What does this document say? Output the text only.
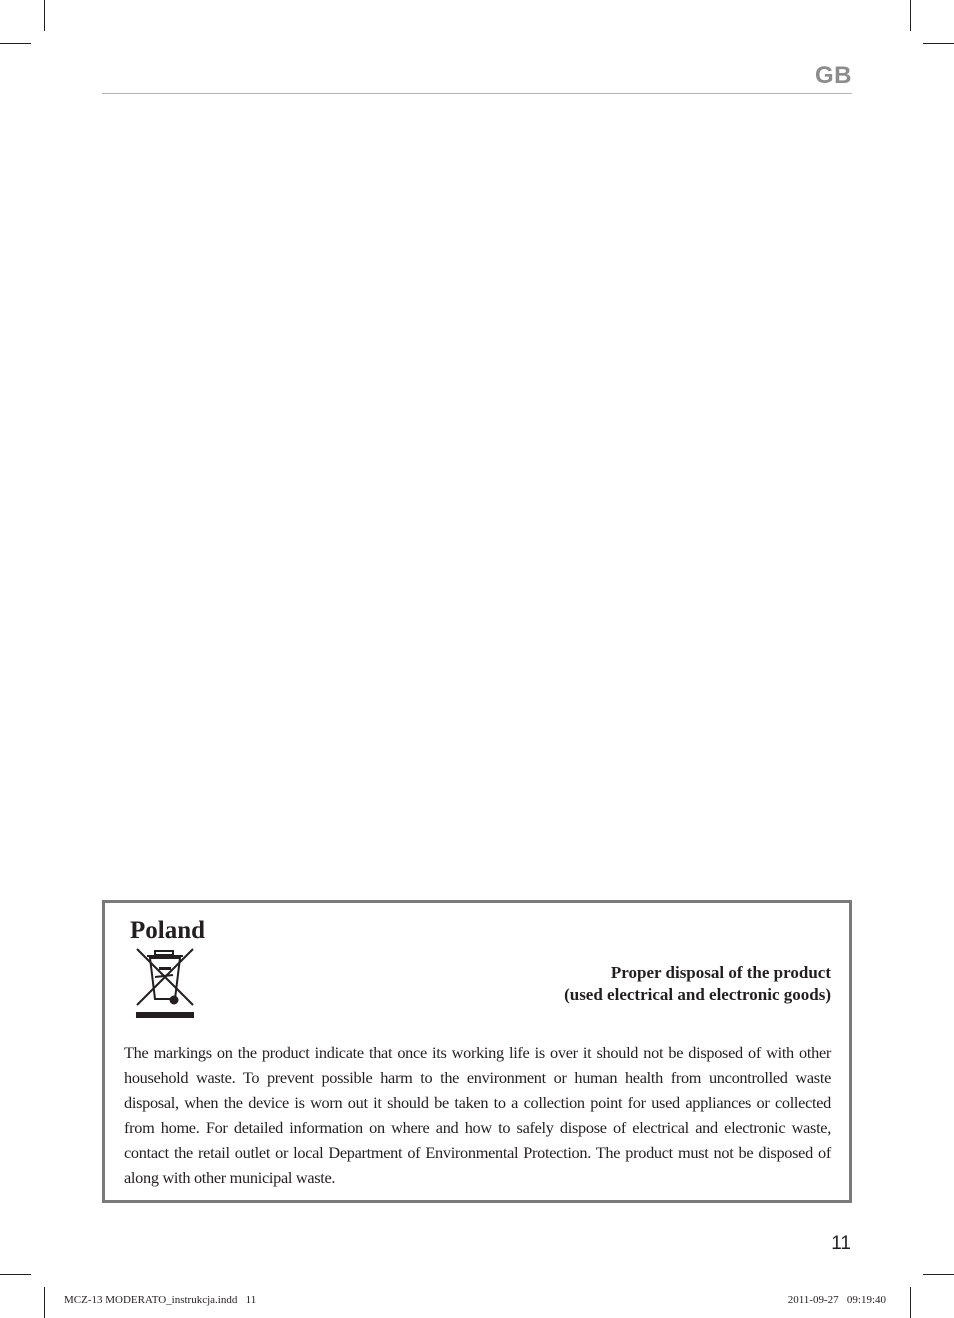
GB
Poland
Proper disposal of the product
(used electrical and electronic goods)
The markings on the product indicate that once its working life is over it should not be disposed of with other household waste. To prevent possible harm to the environment or human health from uncontrolled waste disposal, when the device is worn out it should be taken to a collection point for used appliances or collected from home. For detailed information on where and how to safely dispose of electrical and electronic waste, contact the retail outlet or local Department of Environmental Protection. The product must not be disposed of along with other municipal waste.
11
MCZ-13 MODERATO_instrukcja.indd   11	2011-09-27   09:19:40
